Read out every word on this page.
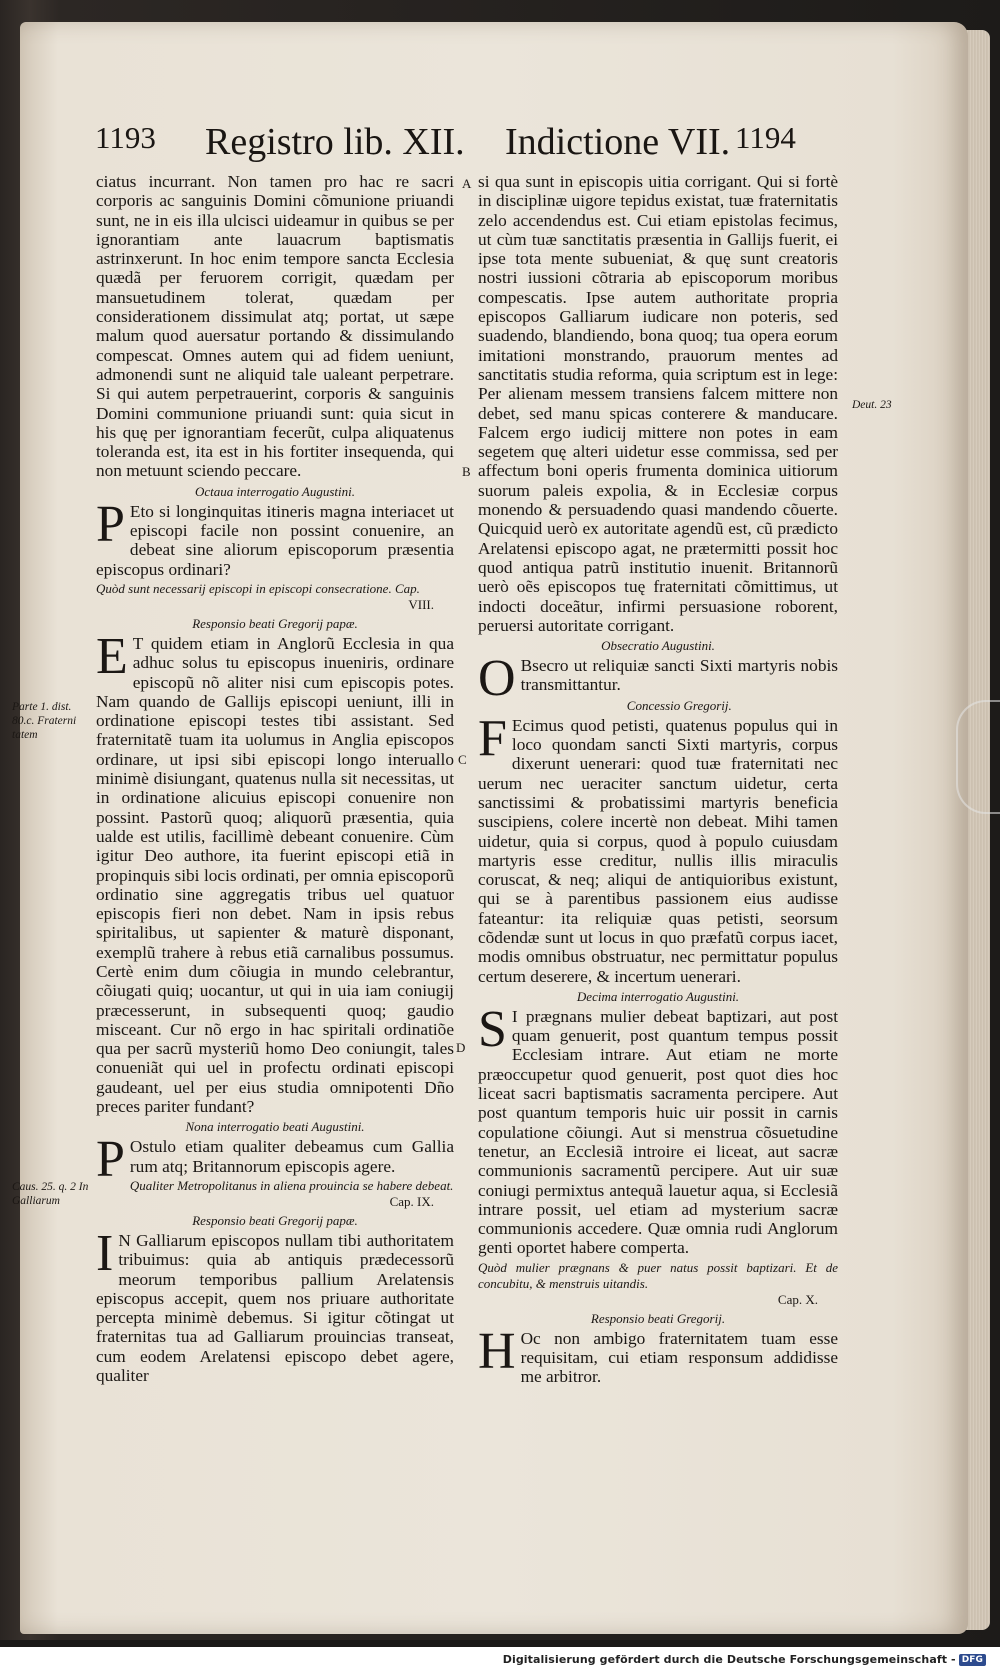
1193 Registro lib. XII. Indictione VII. 1194

ciatus incurrant. Non tamen pro hac re sacri corporis ac sanguinis Domini cõmunione priuandi sunt, ne in eis illa ulcisci uideamur in quibus se per ignorantiam ante lauacrum baptismatis astrinxerunt. In hoc enim tempore sancta Ecclesia quædã per feruorem corrigit, quædam per mansuetudinem tolerat, quædam per considerationem dissimulat atq; portat, ut sæpe malum quod auersatur portando & dissimulando compescat. Omnes autem qui ad fidem ueniunt, admonendi sunt ne aliquid tale ualeant perpetrare. Si qui autem perpetrauerint, corporis & sanguinis Domini communione priuandi sunt: quia sicut in his quę per ignorantiam fecerũt, culpa aliquatenus toleranda est, ita est in his fortiter insequenda, qui non metuunt sciendo peccare.

Octaua interrogatio Augustini.

P Eto si longinquitas itineris magna interiacet ut episcopi facile non possint conuenire, an debeat sine aliorum episcoporum præsentia episcopus ordinari?

Quòd sunt necessarij episcopi in episcopi consecratione. Cap.
VIII.
Responsio beati Gregorij papæ.

E T quidem etiam in Anglorũ Ecclesia in qua adhuc solus tu episcopus inueniris, ordinare episcopũ nõ aliter nisi cum episcopis potes. Nam quando de Gallijs episcopi ueniunt, illi in ordinatione episcopi testes tibi assistant. Sed fraternitatẽ tuam ita uolumus in Anglia episcopos ordinare, ut ipsi sibi episcopi longo interuallo minimè disiungant, quatenus nulla sit necessitas, ut in ordinatione alicuius episcopi conuenire non possint. Pastorũ quoq; aliquorũ præsentia, quia ualde est utilis, facillimè debeant conuenire. Cùm igitur Deo authore, ita fuerint episcopi etiã in propinquis sibi locis ordinati, per omnia episcoporũ ordinatio sine aggregatis tribus uel quatuor episcopis fieri non debet. Nam in ipsis rebus spiritalibus, ut sapienter & maturè disponant, exemplũ trahere à rebus etiã carnalibus possumus. Certè enim dum cõiugia in mundo celebrantur, cõiugati quiq; uocantur, ut qui in uia iam coniugij præcesserunt, in subsequenti quoq; gaudio misceant. Cur nõ ergo in hac spiritali ordinatiõe qua per sacrũ mysteriũ homo Deo coniungit, tales conueniãt qui uel in profectu ordinati episcopi gaudeant, uel per eius studia omnipotenti Dño preces pariter fundant?

Nona interrogatio beati Augustini.

P Ostulo etiam qualiter debeamus cum Gallia rum atq; Britannorum episcopis agere.

Qualiter Metropolitanus in aliena prouincia se habere debeat.
Cap. IX.
Responsio beati Gregorij papæ.

I N Galliarum episcopos nullam tibi authoritatem tribuimus: quia ab antiquis prædecessorũ meorum temporibus pallium Arelatensis episcopus accepit, quem nos priuare authoritate percepta minimè debemus. Si igitur cõtingat ut fraternitas tua ad Galliarum prouincias transeat, cum eodem Arelatensi episcopo debet agere, qualiter

si qua sunt in episcopis uitia corrigant. Qui si fortè in disciplinæ uigore tepidus existat, tuæ fraternitatis zelo accendendus est. Cui etiam epistolas fecimus, ut cùm tuæ sanctitatis præsentia in Gallijs fuerit, ei ipse tota mente subueniat, & quę sunt creatoris nostri iussioni cõtraria ab episcoporum moribus compescatis. Ipse autem authoritate propria episcopos Galliarum iudicare non poteris, sed suadendo, blandiendo, bona quoq; tua opera eorum imitationi monstrando, prauorum mentes ad sanctitatis studia reforma, quia scriptum est in lege: Per alienam messem transiens falcem mittere non debet, sed manu spicas conterere & manducare. Falcem ergo iudicij mittere non potes in eam segetem quę alteri uidetur esse commissa, sed per affectum boni operis frumenta dominica uitiorum suorum paleis expolia, & in Ecclesiæ corpus monendo & persuadendo quasi mandendo cõuerte. Quicquid uerò ex autoritate agendũ est, cũ prædicto Arelatensi episcopo agat, ne prætermitti possit hoc quod antiqua patrũ institutio inuenit. Britannorũ uerò oẽs episcopos tuę fraternitati cõmittimus, ut indocti doceãtur, infirmi persuasione roborent, peruersi autoritate corrigant.

Obsecratio Augustini.

O Bsecro ut reliquiæ sancti Sixti martyris nobis transmittantur.

Concessio Gregorij.

F Ecimus quod petisti, quatenus populus qui in loco quondam sancti Sixti martyris, corpus dixerunt uenerari: quod tuæ fraternitati nec uerum nec ueraciter sanctum uidetur, certa sanctissimi & probatissimi martyris beneficia suscipiens, colere incertè non debeat. Mihi tamen uidetur, quia si corpus, quod à populo cuiusdam martyris esse creditur, nullis illis miraculis coruscat, & neq; aliqui de antiquioribus existunt, qui se à parentibus passionem eius audisse fateantur: ita reliquiæ quas petisti, seorsum cõdendæ sunt ut locus in quo præfatũ corpus iacet, modis omnibus obstruatur, nec permittatur populus certum deserere, & incertum uenerari.

Decima interrogatio Augustini.

S I prægnans mulier debeat baptizari, aut post quam genuerit, post quantum tempus possit Ecclesiam intrare. Aut etiam ne morte præoccupetur quod genuerit, post quot dies hoc liceat sacri baptismatis sacramenta percipere. Aut post quantum temporis huic uir possit in carnis copulatione cõiungi. Aut si menstrua cõsuetudine tenetur, an Ecclesiã introire ei liceat, aut sacræ communionis sacramentũ percipere. Aut uir suæ coniugi permixtus antequã lauetur aqua, si Ecclesiã intrare possit, uel etiam ad mysterium sacræ communionis accedere. Quæ omnia rudi Anglorum genti oportet habere comperta.

Quòd mulier prægnans & puer natus possit baptizari. Et de concubitu, & menstruis uitandis.
Cap. X.
Responsio beati Gregorij.

H Oc non ambigo fraternitatem tuam esse requisitam, cui etiam responsum addidisse me arbitror.

A
B
C
D
Deut. 23
Parte 1. dist. 80.c. Fraterni tatem
Caus. 25. q. 2 In Galliarum
Digitalisierung gefördert durch die Deutsche Forschungsgemeinschaft - DFG
